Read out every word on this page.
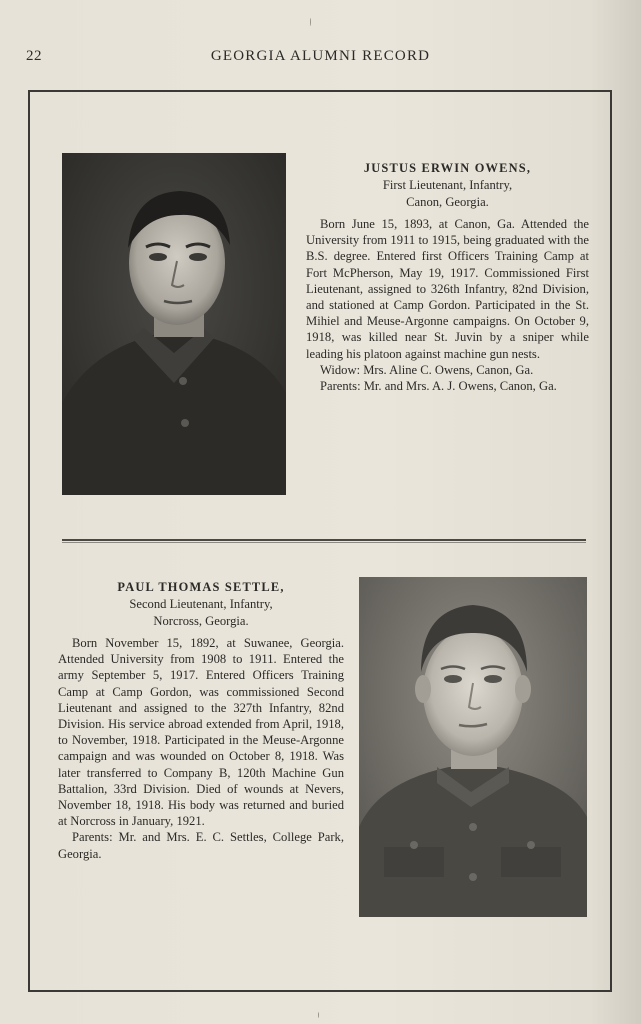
22	GEORGIA ALUMNI RECORD
JUSTUS ERWIN OWENS,
First Lieutenant, Infantry,
Canon, Georgia.

Born June 15, 1893, at Canon, Ga. Attended the University from 1911 to 1915, being graduated with the B.S. degree. Entered first Officers Training Camp at Fort McPherson, May 19, 1917. Commissioned First Lieutenant, assigned to 326th Infantry, 82nd Division, and stationed at Camp Gordon. Participated in the St. Mihiel and Meuse-Argonne campaigns. On October 9, 1918, was killed near St. Juvin by a sniper while leading his platoon against machine gun nests.

Widow: Mrs. Aline C. Owens, Canon, Ga.

Parents: Mr. and Mrs. A. J. Owens, Canon, Ga.

PAUL THOMAS SETTLE,
Second Lieutenant, Infantry,
Norcross, Georgia.

Born November 15, 1892, at Suwanee, Georgia. Attended University from 1908 to 1911. Entered the army September 5, 1917. Entered Officers Training Camp at Camp Gordon, was commissioned Second Lieutenant and assigned to the 327th Infantry, 82nd Division. His service abroad extended from April, 1918, to November, 1918. Participated in the Meuse-Argonne campaign and was wounded on October 8, 1918. Was later transferred to Company B, 120th Machine Gun Battalion, 33rd Division. Died of wounds at Nevers, November 18, 1918. His body was returned and buried at Norcross in January, 1921.

Parents: Mr. and Mrs. E. C. Settles, College Park, Georgia.
